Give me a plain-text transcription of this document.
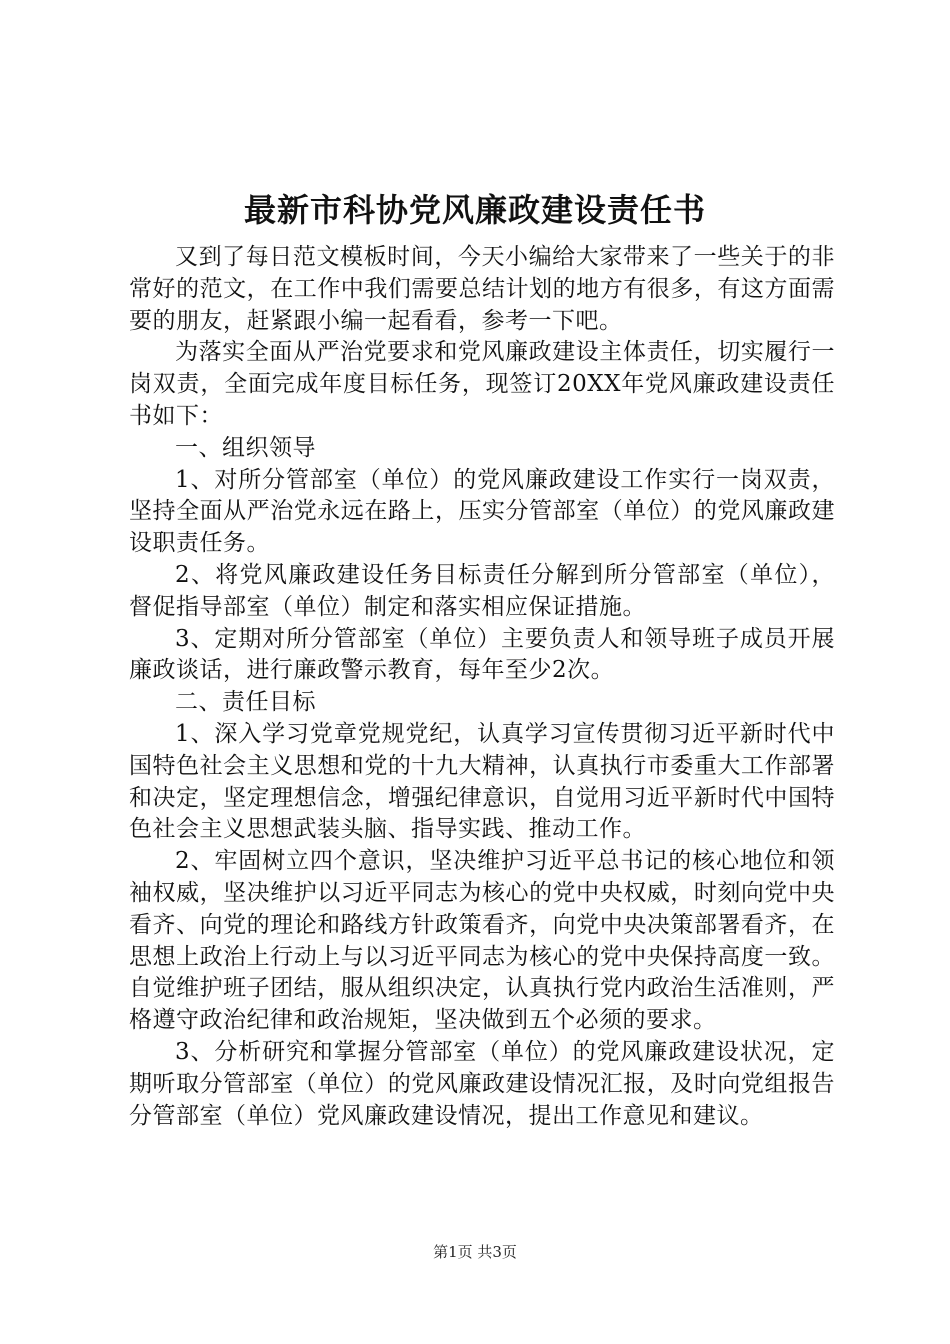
最新市科协党风廉政建设责任书

又到了每日范文模板时间，今天小编给大家带来了一些关于的非常好的范文，在工作中我们需要总结计划的地方有很多，有这方面需要的朋友，赶紧跟小编一起看看，参考一下吧。

为落实全面从严治党要求和党风廉政建设主体责任，切实履行一岗双责，全面完成年度目标任务，现签订20XX年党风廉政建设责任书如下：

一、组织领导

1、对所分管部室（单位）的党风廉政建设工作实行一岗双责，坚持全面从严治党永远在路上，压实分管部室（单位）的党风廉政建设职责任务。

2、将党风廉政建设任务目标责任分解到所分管部室（单位），督促指导部室（单位）制定和落实相应保证措施。

3、定期对所分管部室（单位）主要负责人和领导班子成员开展廉政谈话，进行廉政警示教育，每年至少2次。

二、责任目标

1、深入学习党章党规党纪，认真学习宣传贯彻习近平新时代中国特色社会主义思想和党的十九大精神，认真执行市委重大工作部署和决定，坚定理想信念，增强纪律意识，自觉用习近平新时代中国特色社会主义思想武装头脑、指导实践、推动工作。

2、牢固树立四个意识，坚决维护习近平总书记的核心地位和领袖权威，坚决维护以习近平同志为核心的党中央权威，时刻向党中央看齐、向党的理论和路线方针政策看齐，向党中央决策部署看齐，在思想上政治上行动上与以习近平同志为核心的党中央保持高度一致。自觉维护班子团结，服从组织决定，认真执行党内政治生活准则，严格遵守政治纪律和政治规矩，坚决做到五个必须的要求。

3、分析研究和掌握分管部室（单位）的党风廉政建设状况，定期听取分管部室（单位）的党风廉政建设情况汇报，及时向党组报告分管部室（单位）党风廉政建设情况，提出工作意见和建议。

第1页 共3页
